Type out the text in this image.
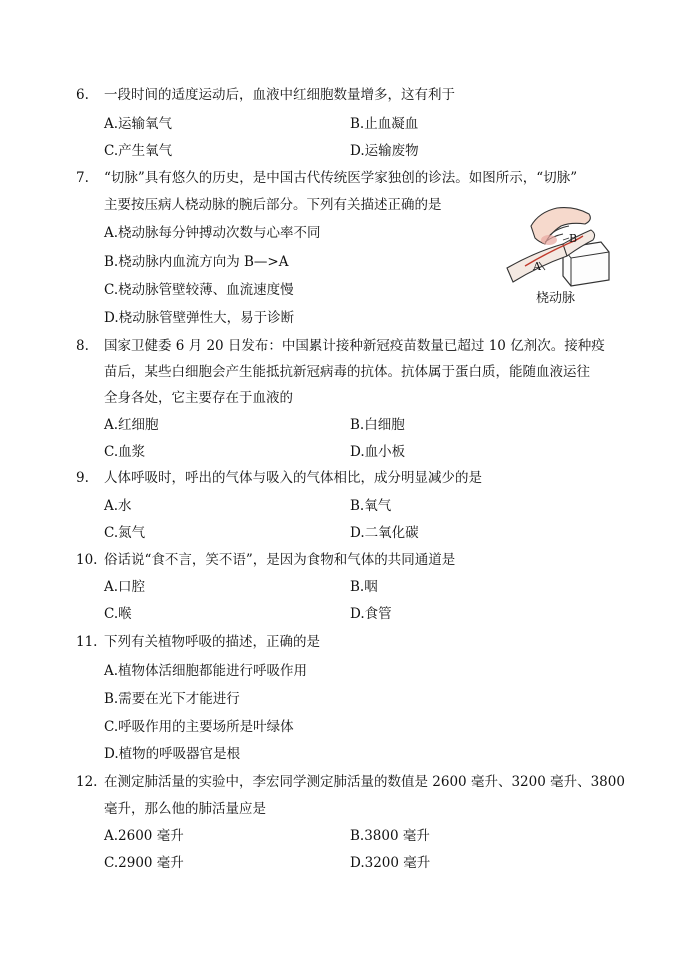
6. 一段时间的适度运动后，血液中红细胞数量增多，这有利于
A.运输氧气	B.止血凝血
C.产生氧气	D.运输废物
7. “切脉”具有悠久的历史，是中国古代传统医学家独创的诊法。如图所示，“切脉”
主要按压病人桡动脉的腕后部分。下列有关描述正确的是
A.桡动脉每分钟搏动次数与心率不同
B.桡动脉内血流方向为 B—>A
C.桡动脉管壁较薄、血流速度慢
D.桡动脉管壁弹性大，易于诊断
A
B
桡动脉
8. 国家卫健委 6 月 20 日发布：中国累计接种新冠疫苗数量已超过 10 亿剂次。接种疫
苗后，某些白细胞会产生能抵抗新冠病毒的抗体。抗体属于蛋白质，能随血液运往
全身各处，它主要存在于血液的
A.红细胞	B.白细胞
C.血浆	D.血小板
9. 人体呼吸时，呼出的气体与吸入的气体相比，成分明显减少的是
A.水	B.氧气
C.氮气	D.二氧化碳
10. 俗话说“食不言，笑不语”，是因为食物和气体的共同通道是
A.口腔	B.咽
C.喉	D.食管
11. 下列有关植物呼吸的描述，正确的是
A.植物体活细胞都能进行呼吸作用
B.需要在光下才能进行
C.呼吸作用的主要场所是叶绿体
D.植物的呼吸器官是根
12. 在测定肺活量的实验中，李宏同学测定肺活量的数值是 2600 毫升、3200 毫升、3800
毫升，那么他的肺活量应是
A.2600 毫升	B.3800 毫升
C.2900 毫升	D.3200 毫升
